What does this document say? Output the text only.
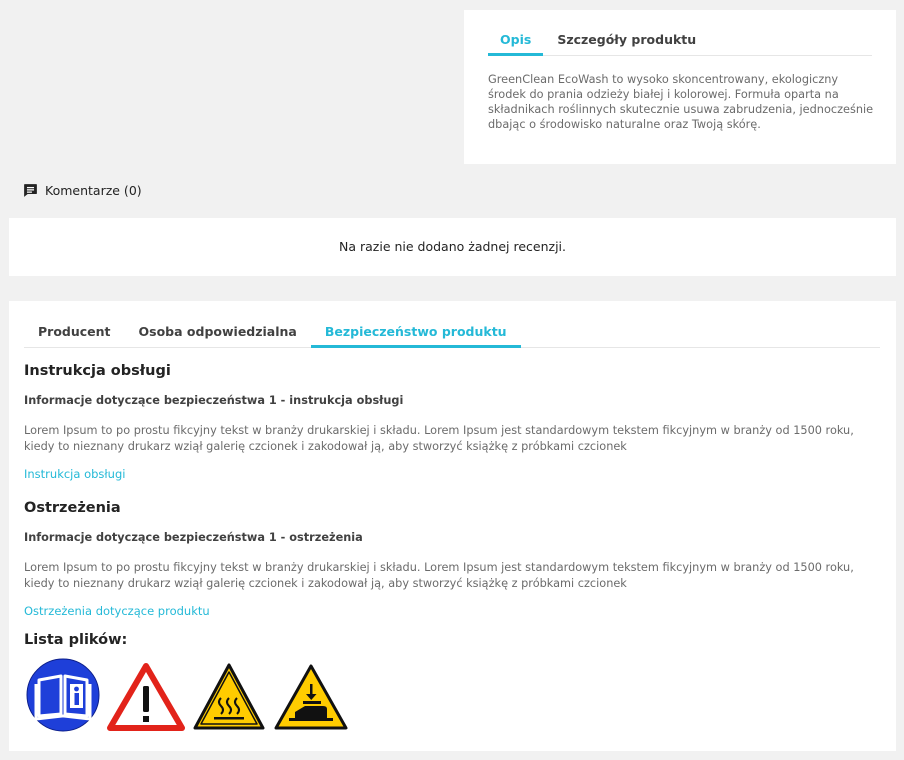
Opis	Szczegóły produktu

GreenClean EcoWash to wysoko skoncentrowany, ekologiczny środek do prania odzieży białej i kolorowej. Formuła oparta na składnikach roślinnych skutecznie usuwa zabrudzenia, jednocześnie dbając o środowisko naturalne oraz Twoją skórę.

Komentarze (0)
Na razie nie dodano żadnej recenzji.
Producent	Osoba odpowiedzialna	Bezpieczeństwo produktu
Instrukcja obsługi

Informacje dotyczące bezpieczeństwa 1 - instrukcja obsługi

Lorem Ipsum to po prostu fikcyjny tekst w branży drukarskiej i składu. Lorem Ipsum jest standardowym tekstem fikcyjnym w branży od 1500 roku, kiedy to nieznany drukarz wziął galerię czcionek i zakodował ją, aby stworzyć książkę z próbkami czcionek

Instrukcja obsługi
Ostrzeżenia

Informacje dotyczące bezpieczeństwa 1 - ostrzeżenia

Lorem Ipsum to po prostu fikcyjny tekst w branży drukarskiej i składu. Lorem Ipsum jest standardowym tekstem fikcyjnym w branży od 1500 roku, kiedy to nieznany drukarz wziął galerię czcionek i zakodował ją, aby stworzyć książkę z próbkami czcionek

Ostrzeżenia dotyczące produktu
Lista plików:
